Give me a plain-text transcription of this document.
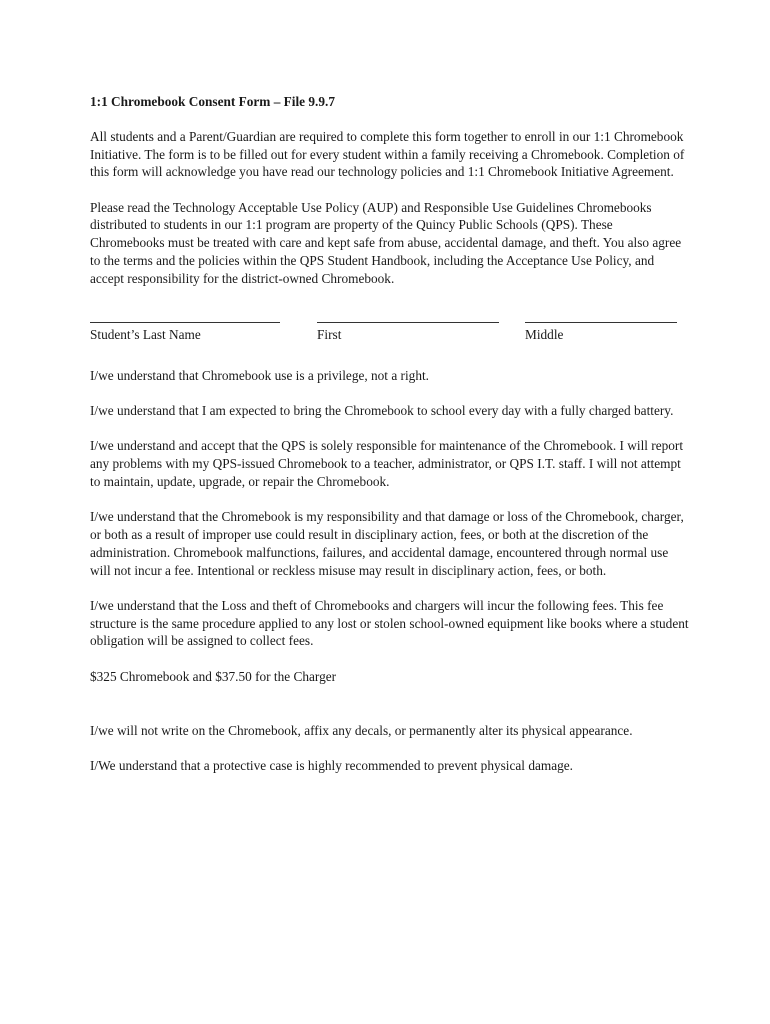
1:1 Chromebook Consent Form – File 9.9.7

All students and a Parent/Guardian are required to complete this form together to enroll in our 1:1 Chromebook Initiative. The form is to be filled out for every student within a family receiving a Chromebook. Completion of this form will acknowledge you have read our technology policies and 1:1 Chromebook Initiative Agreement.

Please read the Technology Acceptable Use Policy (AUP) and Responsible Use Guidelines Chromebooks distributed to students in our 1:1 program are property of the Quincy Public Schools (QPS). These Chromebooks must be treated with care and kept safe from abuse, accidental damage, and theft. You also agree to the terms and the policies within the QPS Student Handbook, including the Acceptance Use Policy, and accept responsibility for the district-owned Chromebook.

Student’s Last Name	First	Middle

I/we understand that Chromebook use is a privilege, not a right.

I/we understand that I am expected to bring the Chromebook to school every day with a fully charged battery.

I/we understand and accept that the QPS is solely responsible for maintenance of the Chromebook. I will report any problems with my QPS-issued Chromebook to a teacher, administrator, or QPS I.T. staff. I will not attempt to maintain, update, upgrade, or repair the Chromebook.

I/we understand that the Chromebook is my responsibility and that damage or loss of the Chromebook, charger, or both as a result of improper use could result in disciplinary action, fees, or both at the discretion of the administration. Chromebook malfunctions, failures, and accidental damage, encountered through normal use will not incur a fee. Intentional or reckless misuse may result in disciplinary action, fees, or both.

I/we understand that the Loss and theft of Chromebooks and chargers will incur the following fees. This fee structure is the same procedure applied to any lost or stolen school-owned equipment like books where a student obligation will be assigned to collect fees.

$325 Chromebook and $37.50 for the Charger

I/we will not write on the Chromebook, affix any decals, or permanently alter its physical appearance.

I/We understand that a protective case is highly recommended to prevent physical damage.
